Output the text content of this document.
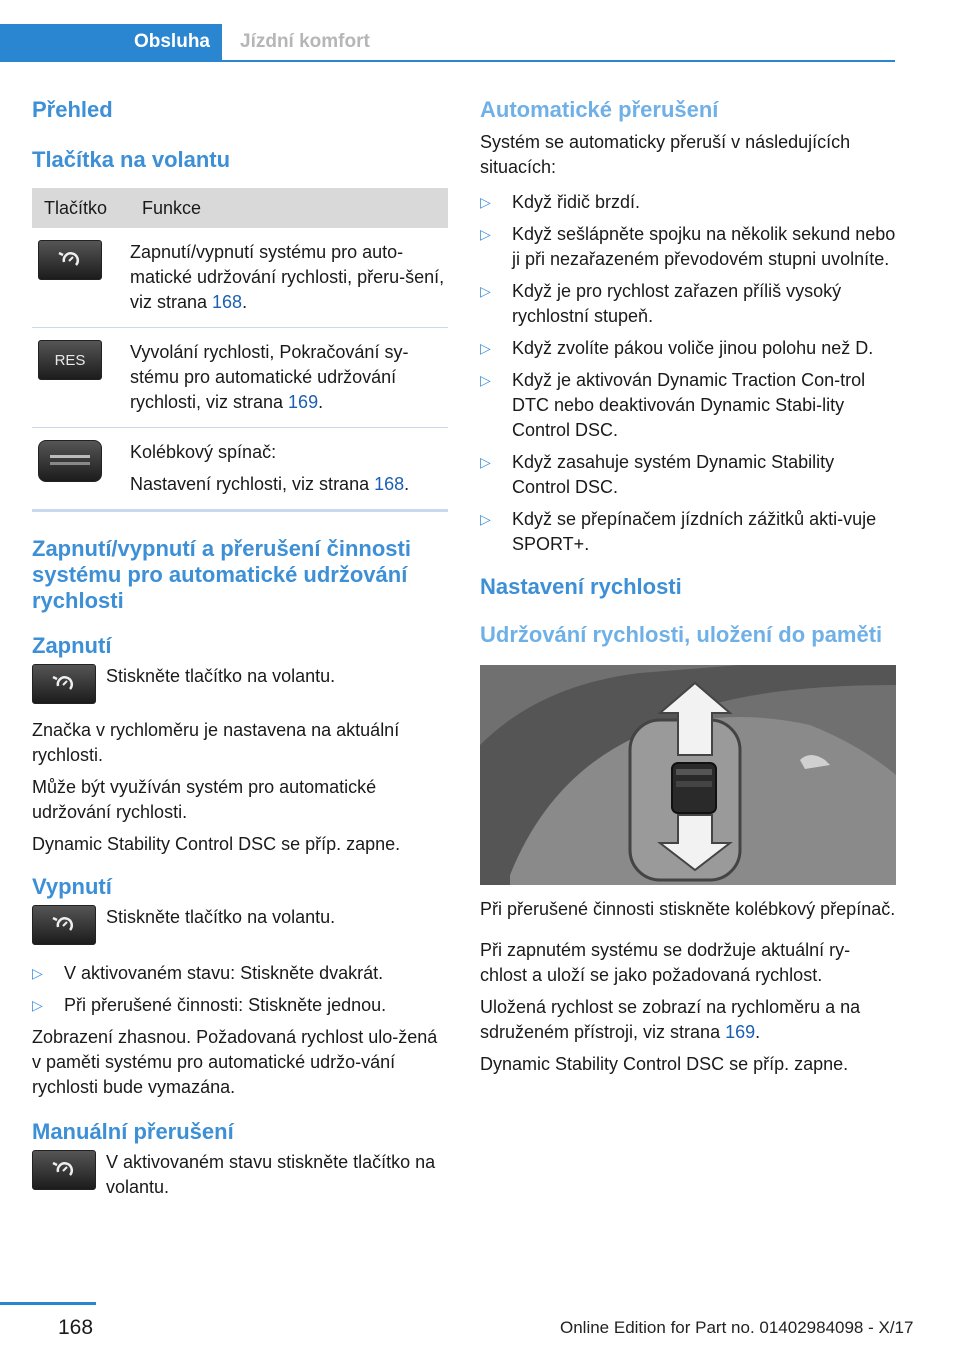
Obsluha	Jízdní komfort
Přehled
Tlačítka na volantu
Tlačítko	Funkce

	Zapnutí/vypnutí systému pro auto-matické udržování rychlosti, přeru-šení, viz strana 168.

RES	Vyvolání rychlosti, Pokračování sy-stému pro automatické udržování rychlosti, viz strana 169.

Kolébkový spínač:
Nastavení rychlosti, viz strana 168.
Zapnutí/vypnutí a přerušení činnosti systému pro automatické udržování rychlosti
Zapnutí

Stiskněte tlačítko na volantu.

Značka v rychloměru je nastavena na aktuální rychlosti.

Může být využíván systém pro automatické udržování rychlosti.

Dynamic Stability Control DSC se příp. zapne.

Vypnutí

Stiskněte tlačítko na volantu.

▷ V aktivovaném stavu: Stiskněte dvakrát.
▷ Při přerušené činnosti: Stiskněte jednou.

Zobrazení zhasnou. Požadovaná rychlost ulo-žená v paměti systému pro automatické udržo-vání rychlosti bude vymazána.

Manuální přerušení

V aktivovaném stavu stiskněte tlačítko na volantu.

Automatické přerušení

Systém se automaticky přeruší v následujících situacích:

▷ Když řidič brzdí.
▷ Když sešlápněte spojku na několik sekund nebo ji při nezařazeném převodovém stupni uvolníte.
▷ Když je pro rychlost zařazen příliš vysoký rychlostní stupeň.
▷ Když zvolíte pákou voliče jinou polohu než D.
▷ Když je aktivován Dynamic Traction Con-trol DTC nebo deaktivován Dynamic Stabi-lity Control DSC.
▷ Když zasahuje systém Dynamic Stability Control DSC.
▷ Když se přepínačem jízdních zážitků akti-vuje SPORT+.
Nastavení rychlosti
Udržování rychlosti, uložení do paměti

Při přerušené činnosti stiskněte kolébkový přepínač.

Při zapnutém systému se dodržuje aktuální ry-chlost a uloží se jako požadovaná rychlost.

Uložená rychlost se zobrazí na rychloměru a na sdruženém přístroji, viz strana 169.

Dynamic Stability Control DSC se příp. zapne.

168	Online Edition for Part no. 01402984098 - X/17
